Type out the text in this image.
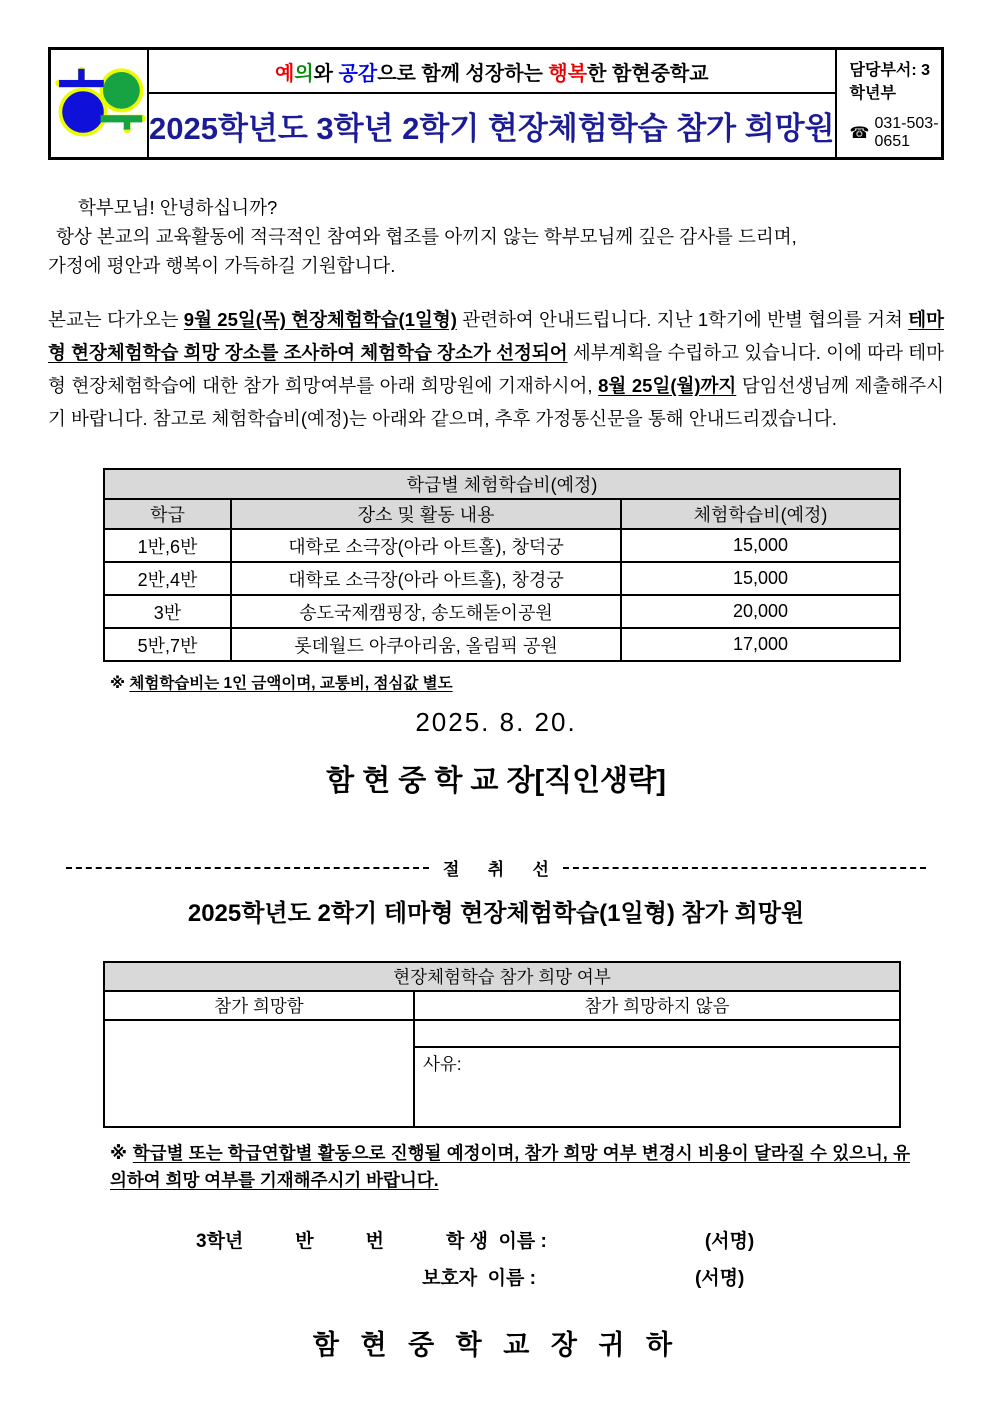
예 의 와 공감 으로 함께 성장하는 행복 한 함현중학교
2025학년도 3학년 2학기 현장체험학습 참가 희망원
담당부서: 3학년부
☎
031-503-0651
학부모님! 안녕하십니까?
항상 본교의 교육활동에 적극적인 참여와 협조를 아끼지 않는 학부모님께 깊은 감사를 드리며,
가정에 평안과 행복이 가득하길 기원합니다.

본교는 다가오는 9월 25일(목) 현장체험학습(1일형) 관련하여 안내드립니다. 지난 1학기에 반별 협의를 거쳐 테마형 현장체험학습 희망 장소를 조사하여 체험학습 장소가 선정되어 세부계획을 수립하고 있습니다. 이에 따라 테마형 현장체험학습에 대한 참가 희망여부를 아래 희망원에 기재하시어, 8월 25일(월)까지 담임선생님께 제출해주시기 바랍니다. 참고로 체험학습비(예정)는 아래와 같으며, 추후 가정통신문을 통해 안내드리겠습니다.

학급별 체험학습비(예정)		
학급	장소 및 활동 내용	체험학습비(예정)
1반,6반	대학로 소극장(아라 아트홀), 창덕궁	15,000
2반,4반	대학로 소극장(아라 아트홀), 창경궁	15,000
3반	송도국제캠핑장, 송도해돋이공원	20,000
5반,7반	롯데월드 아쿠아리움, 올림픽 공원	17,000
※ 체험학습비는 1인 금액이며, 교통비, 점심값 별도
2025. 8. 20.
함 현 중 학 교 장[직인생략]
절      취      선
2025학년도 2학기 테마형 현장체험학습(1일형) 참가 희망원
현장체험학습 참가 희망 여부	
참가 희망함	참가 희망하지 않음

	사유:
※ 학급별 또는 학급연합별 활동으로 진행될 예정이며, 참가 희망 여부 변경시 비용이 달라질 수 있으니, 유의하여 희망 여부를 기재해주시기 바랍니다.
3학년	반	번	학 생  이름 :	(서명)
보호자  이름 :	(서명)
함 현 중 학 교 장 귀 하
